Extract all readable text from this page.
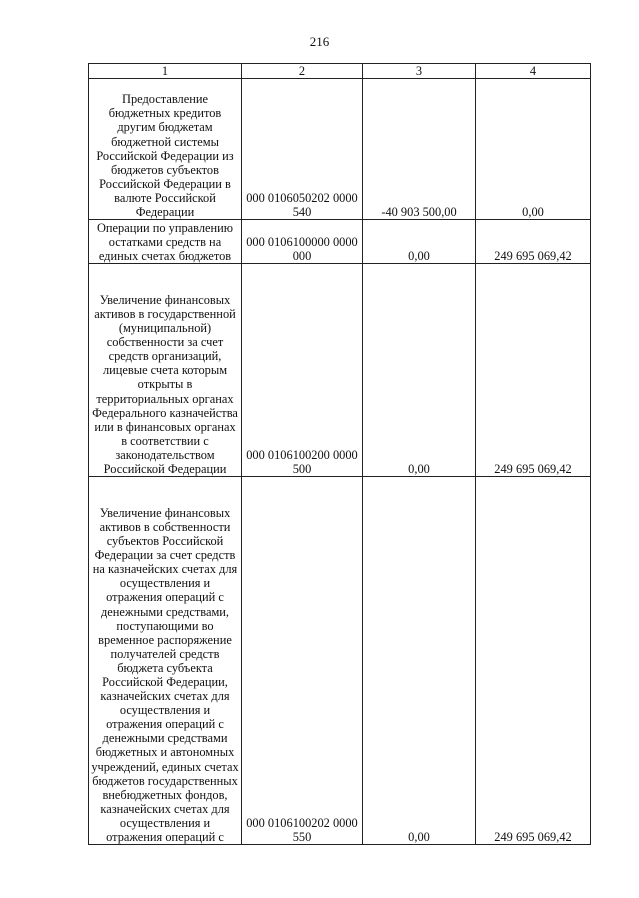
216
1	2	3	4
Предоставление бюджетных кредитов другим бюджетам бюджетной системы Российской Федерации из бюджетов субъектов Российской Федерации в валюте Российской Федерации	000 0106050202 0000 540	-40 903 500,00	0,00
Операции по управлению остатками средств на единых счетах бюджетов	000 0106100000 0000 000	0,00	249 695 069,42
Увеличение финансовых активов в государственной (муниципальной) собственности за счет средств организаций, лицевые счета которым открыты в территориальных органах Федерального казначейства или в финансовых органах в соответствии с законодательством Российской Федерации	000 0106100200 0000 500	0,00	249 695 069,42
Увеличение финансовых активов в собственности субъектов Российской Федерации за счет средств на казначейских счетах для осуществления и отражения операций с денежными средствами, поступающими во временное распоряжение получателей средств бюджета субъекта Российской Федерации, казначейских счетах для осуществления и отражения операций с денежными средствами бюджетных и автономных учреждений, единых счетах бюджетов государственных внебюджетных фондов, казначейских счетах для осуществления и отражения операций с	000 0106100202 0000 550	0,00	249 695 069,42
